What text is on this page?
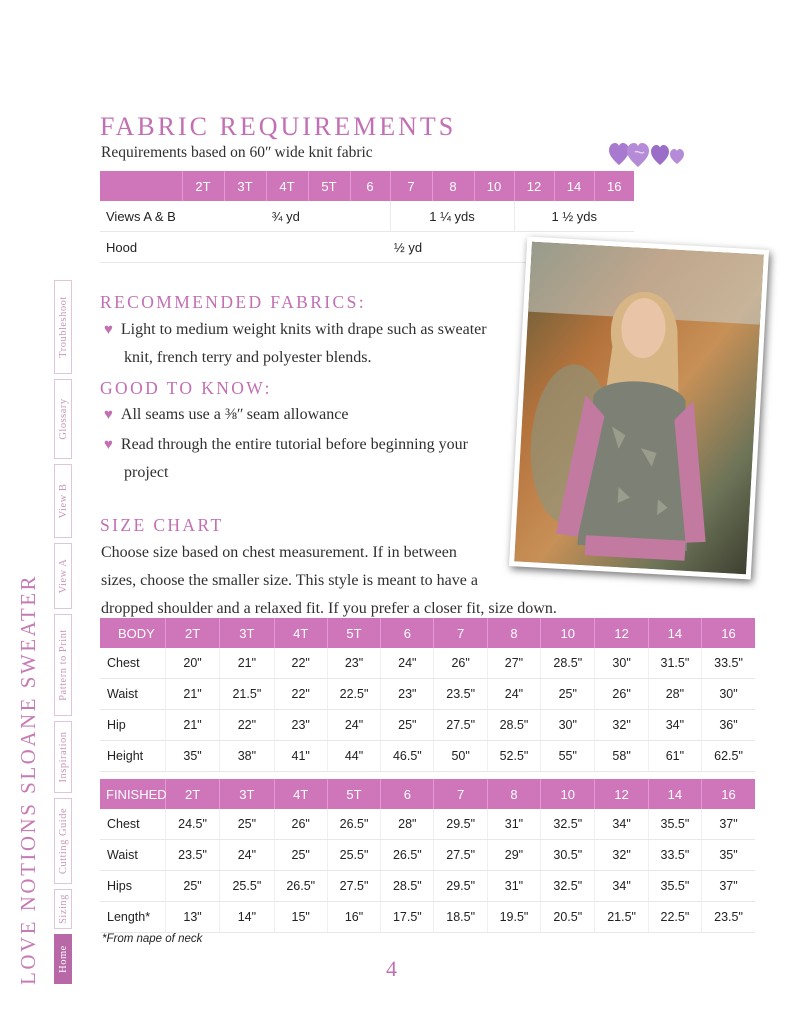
LOVE NOTIONS SLOANE SWEATER	Home
Sizing
Cutting Guide
Inspiration
Pattern to Print
View A
View B
Glossary
Troubleshoot
FABRIC REQUIREMENTS
Requirements based on 60ʺ wide knit fabric
	2T	3T	4T	5T	6	7	8	10	12	14	16
Views A & B	¾ yd					1 ¼ yds			1 ½ yds		
Hood	½ yd										
RECOMMENDED FABRICS:
♥ Light to medium weight knits with drape such as sweater
knit, french terry and polyester blends.
GOOD TO KNOW:
♥ All seams use a ⅜ʺ seam allowance
♥ Read through the entire tutorial before beginning your
project
SIZE CHART
Choose size based on chest measurement. If in between
sizes, choose the smaller size. This style is meant to have a
dropped shoulder and a relaxed fit. If you prefer a closer fit, size down.
BODY	2T	3T	4T	5T	6	7	8	10	12	14	16
Chest	20"	21"	22"	23"	24"	26"	27"	28.5"	30"	31.5"	33.5"
Waist	21"	21.5"	22"	22.5"	23"	23.5"	24"	25"	26"	28"	30"
Hip	21"	22"	23"	24"	25"	27.5"	28.5"	30"	32"	34"	36"
Height	35"	38"	41"	44"	46.5"	50"	52.5"	55"	58"	61"	62.5"
FINISHED	2T	3T	4T	5T	6	7	8	10	12	14	16
Chest	24.5"	25"	26"	26.5"	28"	29.5"	31"	32.5"	34"	35.5"	37"
Waist	23.5"	24"	25"	25.5"	26.5"	27.5"	29"	30.5"	32"	33.5"	35"
Hips	25"	25.5"	26.5"	27.5"	28.5"	29.5"	31"	32.5"	34"	35.5"	37"
Length*	13"	14"	15"	16"	17.5"	18.5"	19.5"	20.5"	21.5"	22.5"	23.5"
*From nape of neck
4
